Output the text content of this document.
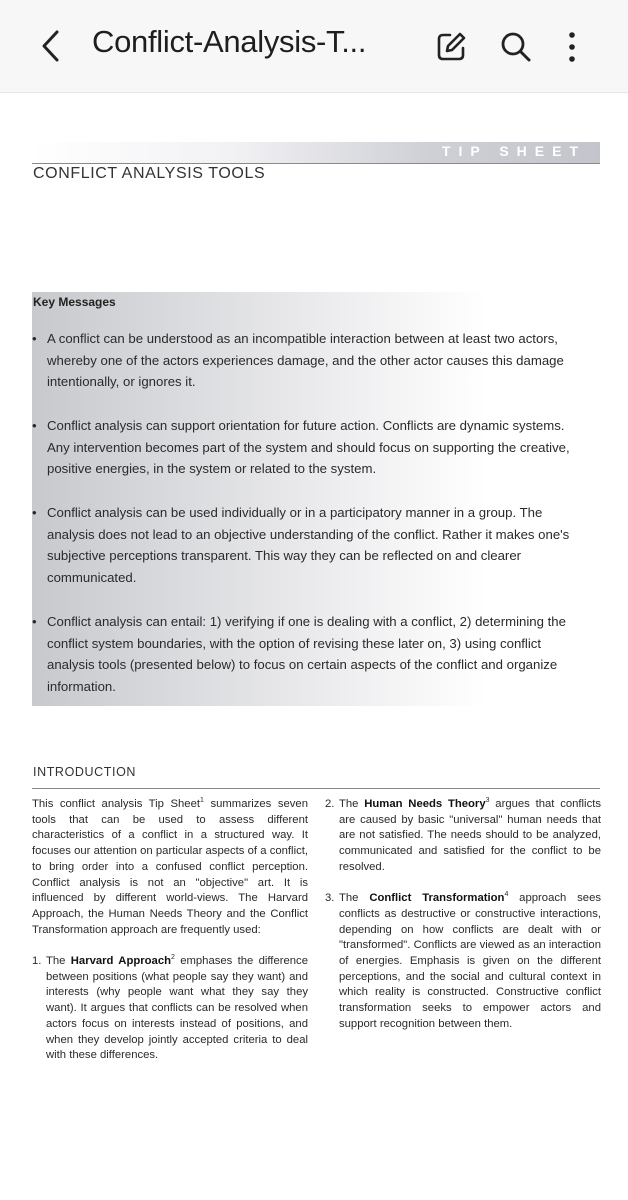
Conflict-Analysis-T...
TIP SHEET
CONFLICT ANALYSIS TOOLS
Key Messages
• A conflict can be understood as an incompatible interaction between at least two actors, whereby one of the actors experiences damage, and the other actor causes this damage intentionally, or ignores it.
• Conflict analysis can support orientation for future action. Conflicts are dynamic systems. Any intervention becomes part of the system and should focus on supporting the creative, positive energies, in the system or related to the system.
• Conflict analysis can be used individually or in a participatory manner in a group. The analysis does not lead to an objective understanding of the conflict. Rather it makes one's subjective perceptions transparent. This way they can be reflected on and clearer communicated.
• Conflict analysis can entail: 1) verifying if one is dealing with a conflict, 2) determining the conflict system boundaries, with the option of revising these later on, 3) using conflict analysis tools (presented below) to focus on certain aspects of the conflict and organize information.
INTRODUCTION

This conflict analysis Tip Sheet$^1$ summarizes seven tools that can be used to assess different characteristics of a conflict in a structured way. It focuses our attention on particular aspects of a conflict, to bring order into a confused conflict perception. Conflict analysis is not an "objective" art. It is influenced by different world-views. The Harvard Approach, the Human Needs Theory and the Conflict Transformation approach are frequently used:

1. The Harvard Approach$^2$ emphases the difference between positions (what people say they want) and interests (why people want what they say they want). It argues that conflicts can be resolved when actors focus on interests instead of positions, and when they develop jointly accepted criteria to deal with these differences.

2. The Human Needs Theory$^3$ argues that conflicts are caused by basic "universal" human needs that are not satisfied. The needs should to be analyzed, communicated and satisfied for the conflict to be resolved.

3. The Conflict Transformation$^4$ approach sees conflicts as destructive or constructive interactions, depending on how conflicts are dealt with or "transformed". Conflicts are viewed as an interaction of energies. Emphasis is given on the different perceptions, and the social and cultural context in which reality is constructed. Constructive conflict transformation seeks to empower actors and support recognition between them.
